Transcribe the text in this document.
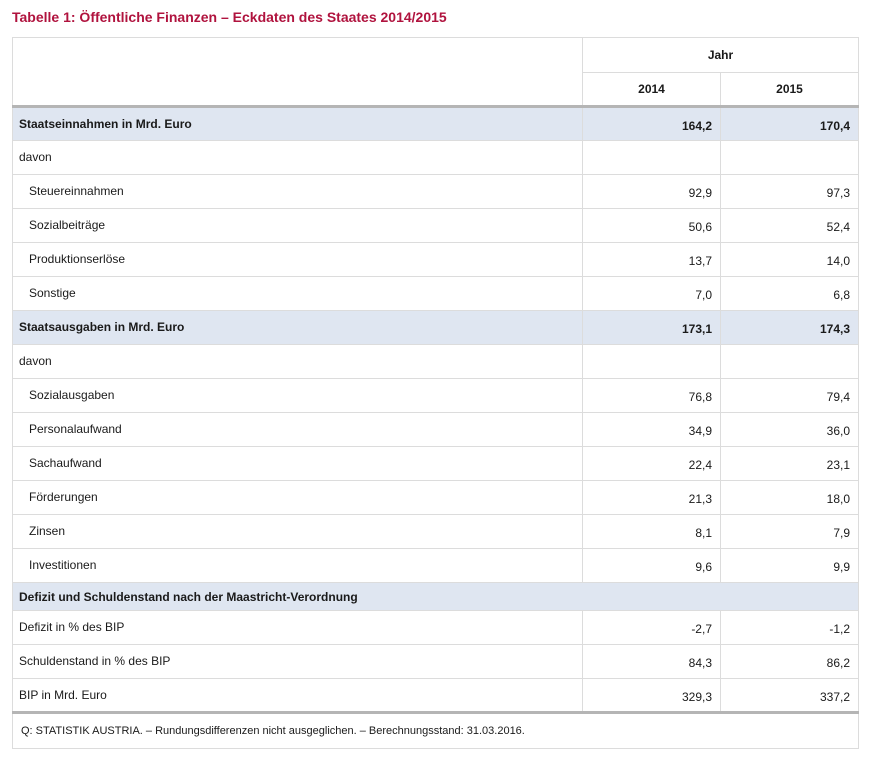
Tabelle 1: Öffentliche Finanzen – Eckdaten des Staates 2014/2015
	Jahr	
	2014	2015
Staatseinnahmen in Mrd. Euro	164,2	170,4
davon		
Steuereinnahmen	92,9	97,3
Sozialbeiträge	50,6	52,4
Produktionserlöse	13,7	14,0
Sonstige	7,0	6,8
Staatsausgaben in Mrd. Euro	173,1	174,3
davon		
Sozialausgaben	76,8	79,4
Personalaufwand	34,9	36,0
Sachaufwand	22,4	23,1
Förderungen	21,3	18,0
Zinsen	8,1	7,9
Investitionen	9,6	9,9
Defizit und Schuldenstand nach der Maastricht-Verordnung		
Defizit in % des BIP	-2,7	-1,2
Schuldenstand in % des BIP	84,3	86,2
BIP in Mrd. Euro	329,3	337,2
Q: STATISTIK AUSTRIA. – Rundungsdifferenzen nicht ausgeglichen. – Berechnungsstand: 31.03.2016.		
